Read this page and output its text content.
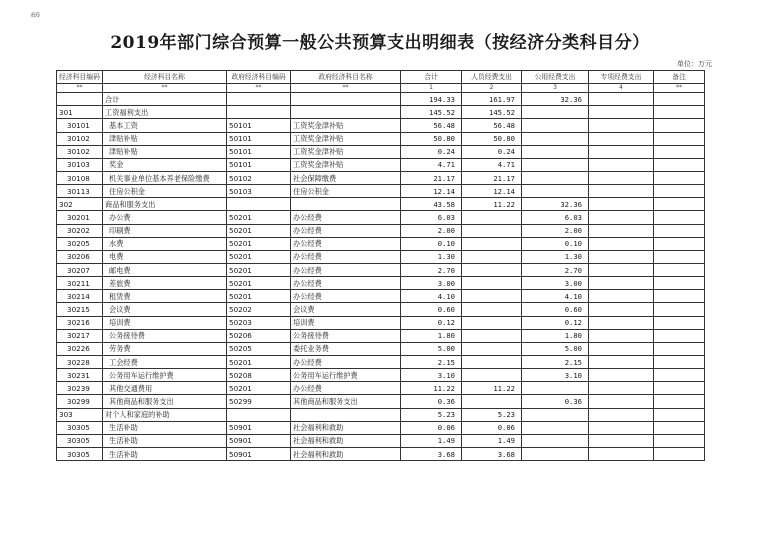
表6
2019年部门综合预算一般公共预算支出明细表（按经济分类科目分）
单位：万元
经济科目编码	经济科目名称	政府经济科目编码	政府经济科目名称	合计	人员经费支出	公用经费支出	专项经费支出	备注
**	**	**	**	1	2	3	4	**
	合计			194.33	161.97	32.36		
301	工资福利支出			145.52	145.52			
30101	基本工资	50101	工资奖金津补贴	56.48	56.48			
30102	津贴补贴	50101	工资奖金津补贴	50.80	50.80			
30102	津贴补贴	50101	工资奖金津补贴	0.24	0.24			
30103	奖金	50101	工资奖金津补贴	4.71	4.71			
30108	机关事业单位基本养老保险缴费	50102	社会保障缴费	21.17	21.17			
30113	住房公积金	50103	住房公积金	12.14	12.14			
302	商品和服务支出			43.58	11.22	32.36		
30201	办公费	50201	办公经费	6.03		6.03		
30202	印刷费	50201	办公经费	2.00		2.00		
30205	水费	50201	办公经费	0.10		0.10		
30206	电费	50201	办公经费	1.30		1.30		
30207	邮电费	50201	办公经费	2.70		2.70		
30211	差旅费	50201	办公经费	3.00		3.00		
30214	租赁费	50201	办公经费	4.10		4.10		
30215	会议费	50202	会议费	0.60		0.60		
30216	培训费	50203	培训费	0.12		0.12		
30217	公务接待费	50206	公务接待费	1.80		1.80		
30226	劳务费	50205	委托业务费	5.00		5.00		
30228	工会经费	50201	办公经费	2.15		2.15		
30231	公务用车运行维护费	50208	公务用车运行维护费	3.10		3.10		
30239	其他交通费用	50201	办公经费	11.22	11.22			
30299	其他商品和服务支出	50299	其他商品和服务支出	0.36		0.36		
303	对个人和家庭的补助			5.23	5.23			
30305	生活补助	50901	社会福利和救助	0.06	0.06			
30305	生活补助	50901	社会福利和救助	1.49	1.49			
30305	生活补助	50901	社会福利和救助	3.68	3.68			
